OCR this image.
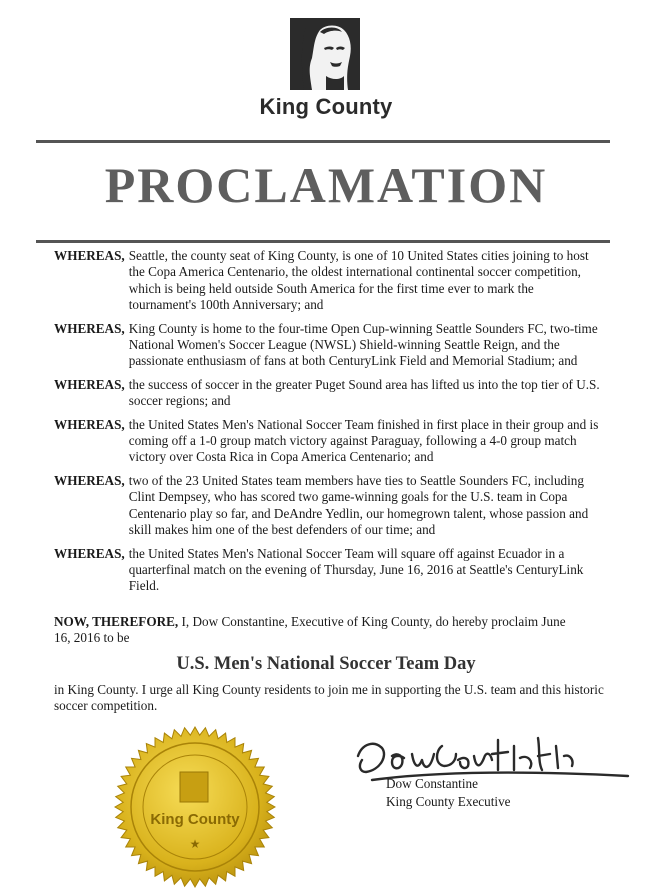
King County
PROCLAMATION
WHEREAS, Seattle, the county seat of King County, is one of 10 United States cities joining to host the Copa America Centenario, the oldest international continental soccer competition, which is being held outside South America for the first time ever to mark the tournament's 100th Anniversary; and
WHEREAS, King County is home to the four-time Open Cup-winning Seattle Sounders FC, two-time National Women's Soccer League (NWSL) Shield-winning Seattle Reign, and the passionate enthusiasm of fans at both CenturyLink Field and Memorial Stadium; and
WHEREAS, the success of soccer in the greater Puget Sound area has lifted us into the top tier of U.S. soccer regions; and
WHEREAS, the United States Men's National Soccer Team finished in first place in their group and is coming off a 1-0 group match victory against Paraguay, following a 4-0 group match victory over Costa Rica in Copa America Centenario; and
WHEREAS, two of the 23 United States team members have ties to Seattle Sounders FC, including Clint Dempsey, who has scored two game-winning goals for the U.S. team in Copa Centenario play so far, and DeAndre Yedlin, our homegrown talent, whose passion and skill makes him one of the best defenders of our time; and
WHEREAS, the United States Men's National Soccer Team will square off against Ecuador in a quarterfinal match on the evening of Thursday, June 16, 2016 at Seattle's CenturyLink Field.
NOW, THEREFORE, I, Dow Constantine, Executive of King County, do hereby proclaim June 16, 2016 to be
U.S. Men's National Soccer Team Day
in King County. I urge all King County residents to join me in supporting the U.S. team and this historic soccer competition.
King County
★
Dow Constantine
King County Executive
